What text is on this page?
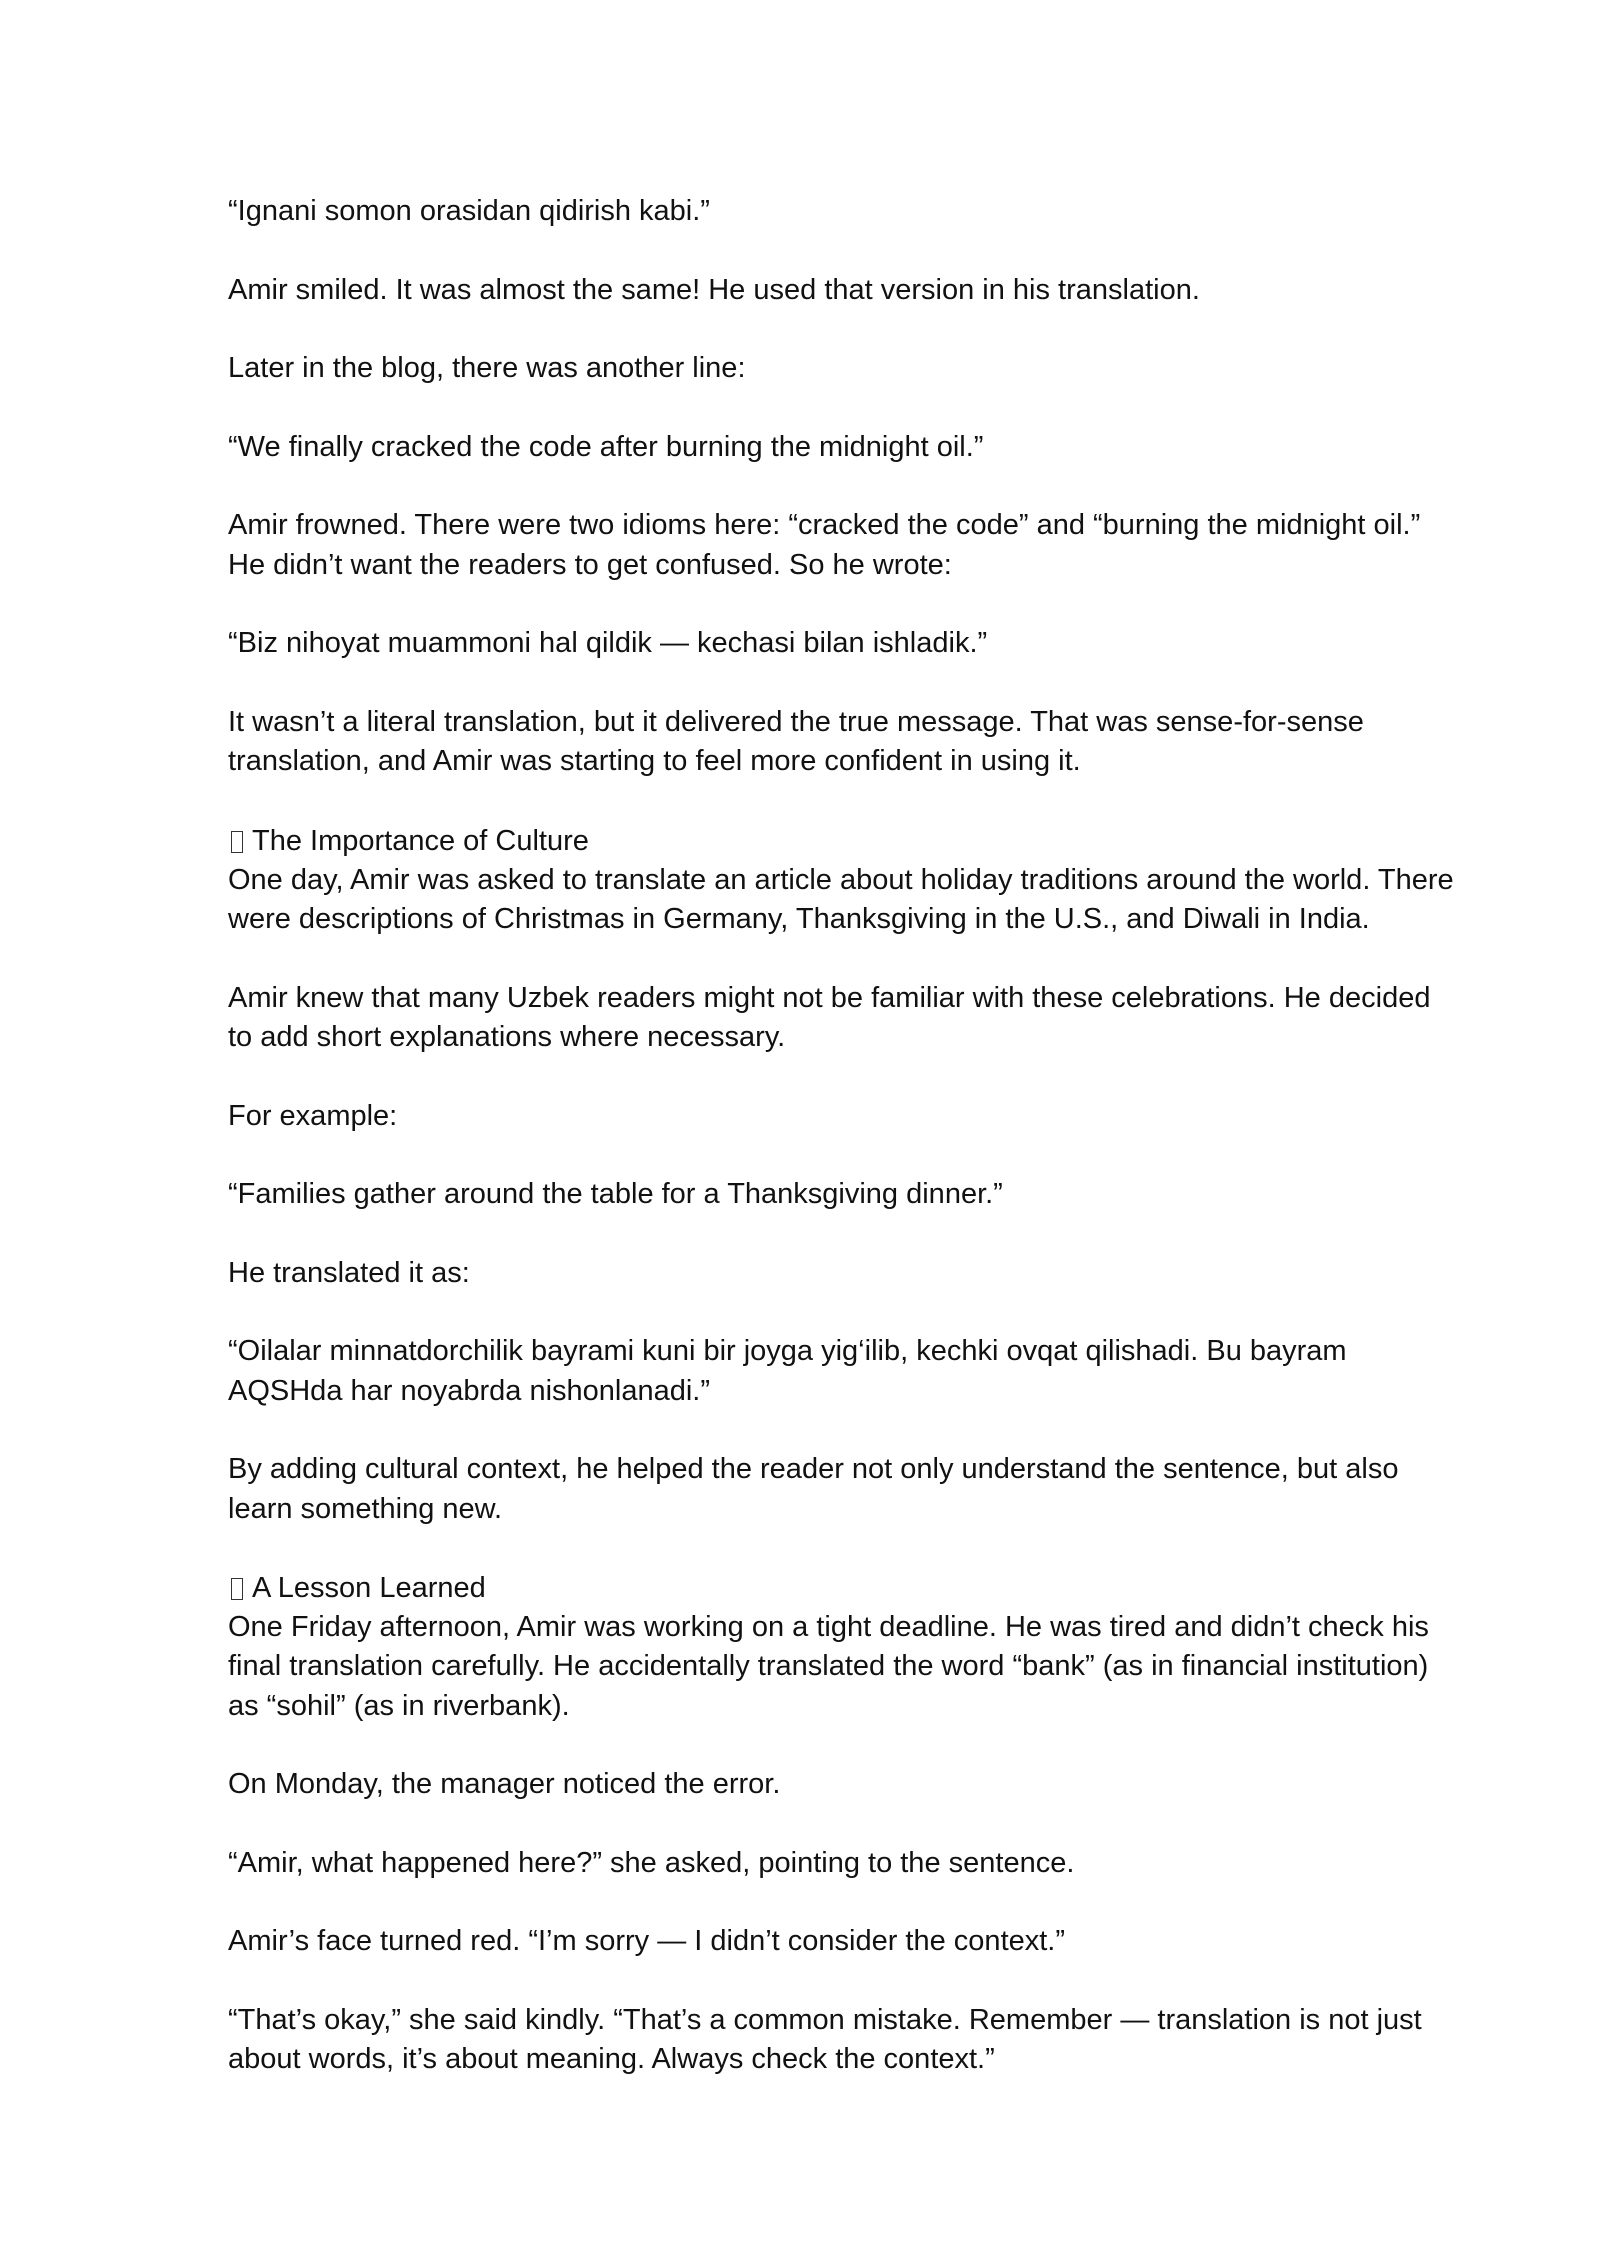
“Ignani somon orasidan qidirish kabi.”

Amir smiled. It was almost the same! He used that version in his translation.

Later in the blog, there was another line:

“We finally cracked the code after burning the midnight oil.”

Amir frowned. There were two idioms here: “cracked the code” and “burning the midnight oil.”
He didn’t want the readers to get confused. So he wrote:

“Biz nihoyat muammoni hal qildik — kechasi bilan ishladik.”

It wasn’t a literal translation, but it delivered the true message. That was sense-for-sense
translation, and Amir was starting to feel more confident in using it.

The Importance of Culture
One day, Amir was asked to translate an article about holiday traditions around the world. There
were descriptions of Christmas in Germany, Thanksgiving in the U.S., and Diwali in India.

Amir knew that many Uzbek readers might not be familiar with these celebrations. He decided
to add short explanations where necessary.

For example:

“Families gather around the table for a Thanksgiving dinner.”

He translated it as:

“Oilalar minnatdorchilik bayrami kuni bir joyga yig‘ilib, kechki ovqat qilishadi. Bu bayram
AQSHda har noyabrda nishonlanadi.”

By adding cultural context, he helped the reader not only understand the sentence, but also
learn something new.

A Lesson Learned
One Friday afternoon, Amir was working on a tight deadline. He was tired and didn’t check his
final translation carefully. He accidentally translated the word “bank” (as in financial institution)
as “sohil” (as in riverbank).

On Monday, the manager noticed the error.

“Amir, what happened here?” she asked, pointing to the sentence.

Amir’s face turned red. “I’m sorry — I didn’t consider the context.”

“That’s okay,” she said kindly. “That’s a common mistake. Remember — translation is not just
about words, it’s about meaning. Always check the context.”
